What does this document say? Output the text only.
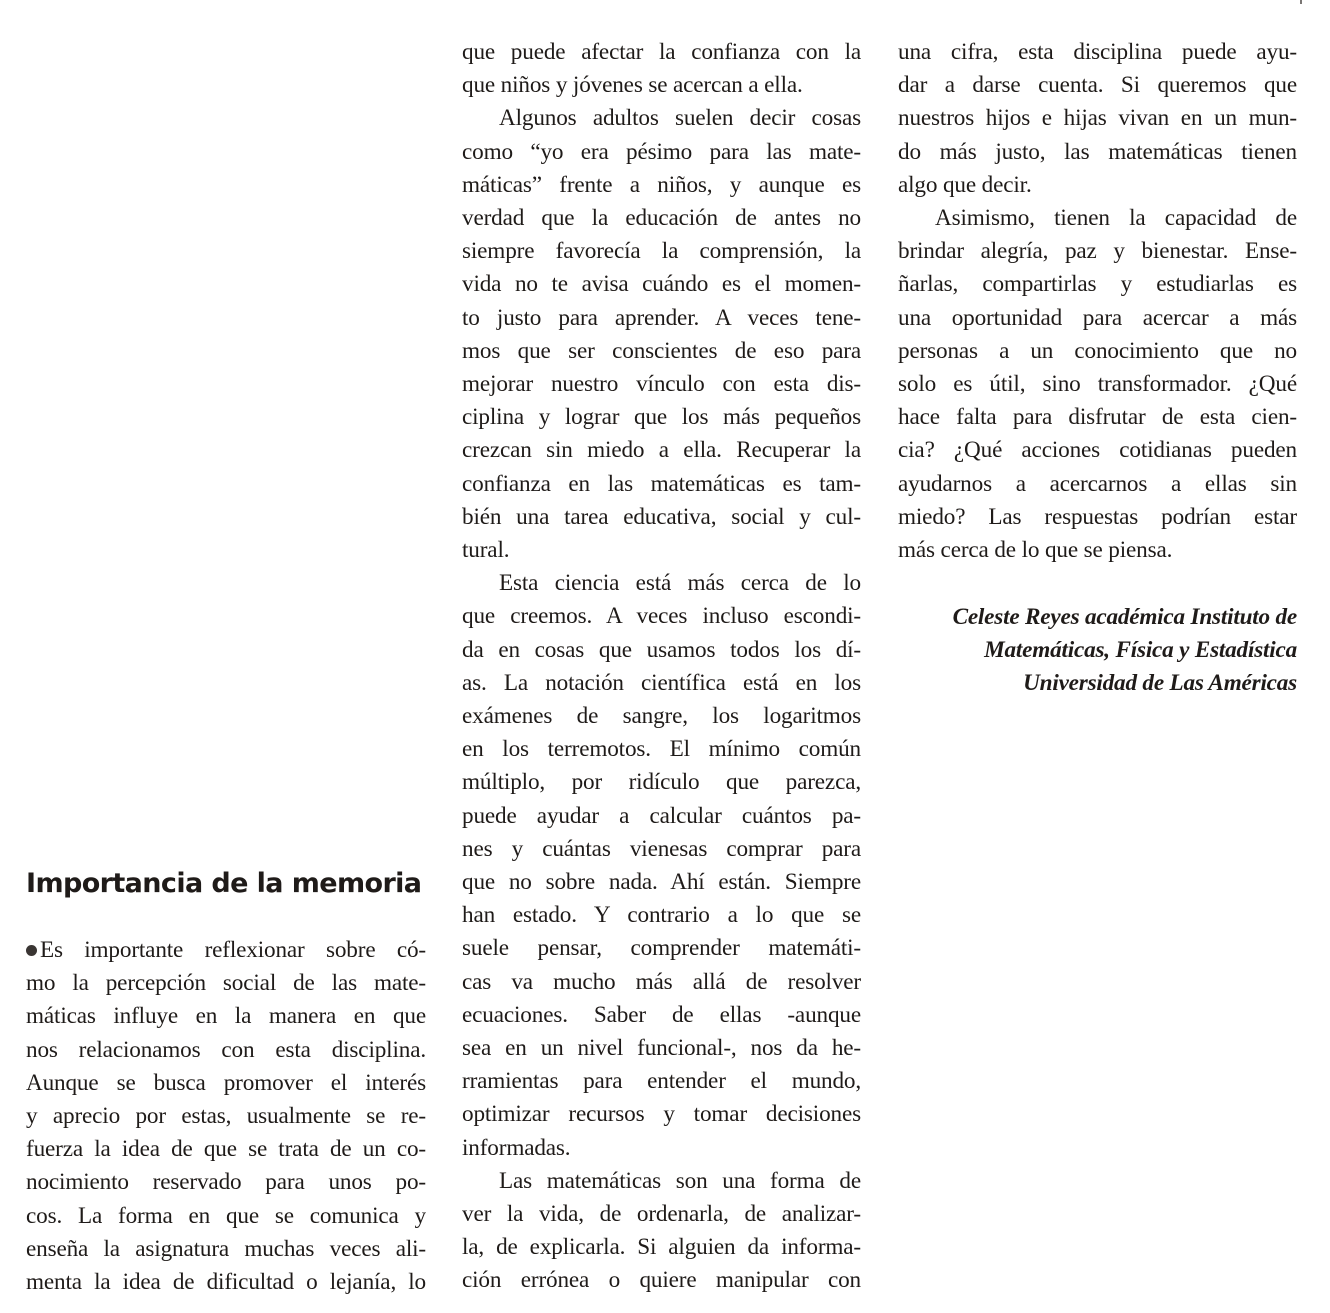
Importancia de la memoria
Es importante reflexionar sobre có-
mo la percepción social de las mate-
máticas influye en la manera en que
nos relacionamos con esta disciplina.
Aunque se busca promover el interés
y aprecio por estas, usualmente se re-
fuerza la idea de que se trata de un co-
nocimiento reservado para unos po-
cos. La forma en que se comunica y
enseña la asignatura muchas veces ali-
menta la idea de dificultad o lejanía, lo
que puede afectar la confianza con la
que niños y jóvenes se acercan a ella.
Algunos adultos suelen decir cosas
como “yo era pésimo para las mate-
máticas” frente a niños, y aunque es
verdad que la educación de antes no
siempre favorecía la comprensión, la
vida no te avisa cuándo es el momen-
to justo para aprender. A veces tene-
mos que ser conscientes de eso para
mejorar nuestro vínculo con esta dis-
ciplina y lograr que los más pequeños
crezcan sin miedo a ella. Recuperar la
confianza en las matemáticas es tam-
bién una tarea educativa, social y cul-
tural.
Esta ciencia está más cerca de lo
que creemos. A veces incluso escondi-
da en cosas que usamos todos los dí-
as. La notación científica está en los
exámenes de sangre, los logaritmos
en los terremotos. El mínimo común
múltiplo, por ridículo que parezca,
puede ayudar a calcular cuántos pa-
nes y cuántas vienesas comprar para
que no sobre nada. Ahí están. Siempre
han estado. Y contrario a lo que se
suele pensar, comprender matemáti-
cas va mucho más allá de resolver
ecuaciones. Saber de ellas -aunque
sea en un nivel funcional-, nos da he-
rramientas para entender el mundo,
optimizar recursos y tomar decisiones
informadas.
Las matemáticas son una forma de
ver la vida, de ordenarla, de analizar-
la, de explicarla. Si alguien da informa-
ción errónea o quiere manipular con
una cifra, esta disciplina puede ayu-
dar a darse cuenta. Si queremos que
nuestros hijos e hijas vivan en un mun-
do más justo, las matemáticas tienen
algo que decir.
Asimismo, tienen la capacidad de
brindar alegría, paz y bienestar. Ense-
ñarlas, compartirlas y estudiarlas es
una oportunidad para acercar a más
personas a un conocimiento que no
solo es útil, sino transformador. ¿Qué
hace falta para disfrutar de esta cien-
cia? ¿Qué acciones cotidianas pueden
ayudarnos a acercarnos a ellas sin
miedo? Las respuestas podrían estar
más cerca de lo que se piensa.
Celeste Reyes académica Instituto de
Matemáticas, Física y Estadística
Universidad de Las Américas
